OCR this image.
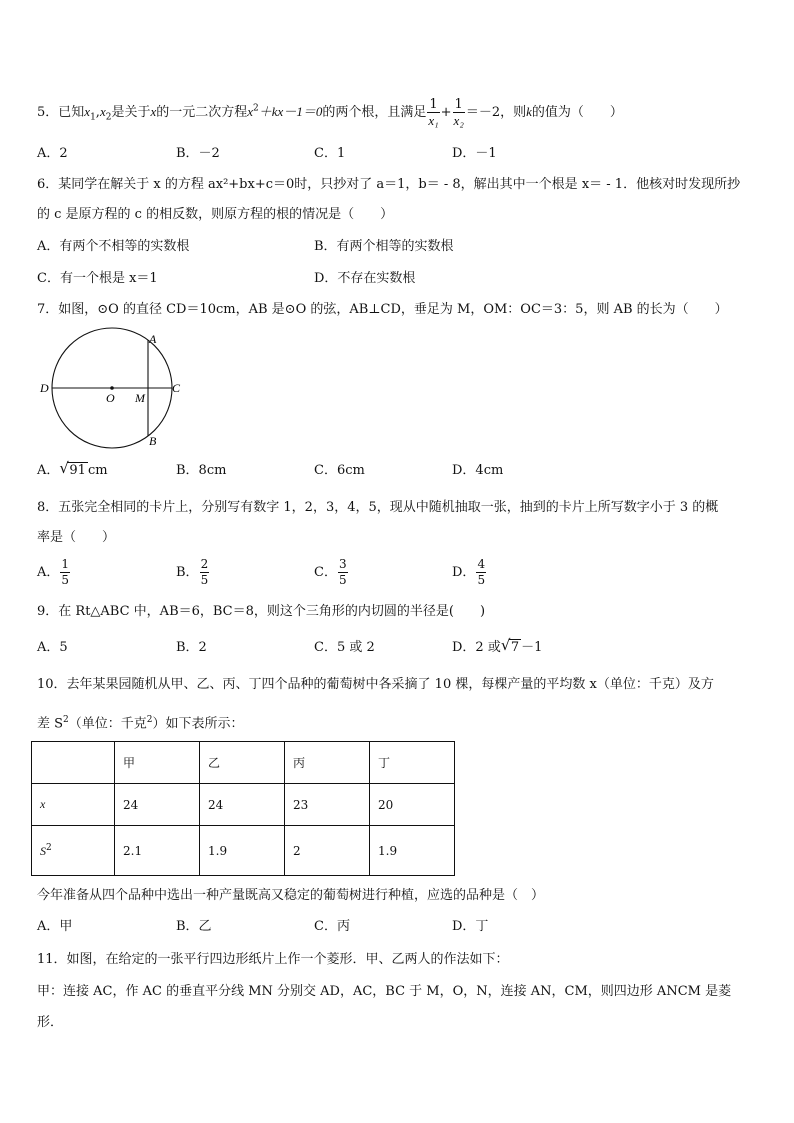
5．已知$x_1,x_2$是关于x的一元二次方程$x^2+kx-1=0$的两个根，且满足 $\frac{1}{\text{x₁}} + \frac{1}{\text{x₂}} =-2$，则k的值为（　　）
A．2	B．－2	C．1	D．－1
6．某同学在解关于 x 的方程 ax²+bx+c＝0时，只抄对了 a＝1，b＝ - 8，解出其中一个根是 x＝ - 1．他核对时发现所抄
的 c 是原方程的 c 的相反数，则原方程的根的情况是（　　）
A．有两个不相等的实数根	B．有两个相等的实数根
C．有一个根是 x＝1	D．不存在实数根
7．如图，⊙O 的直径 CD＝10cm，AB 是⊙O 的弦，AB⊥CD，垂足为 M，OM：OC＝3：5，则 AB 的长为（　　）
A
B
C
D
O M
A． √ 91 cm	B．8cm	C．6cm	D．4cm
8．五张完全相同的卡片上，分别写有数字 1，2，3，4，5，现从中随机抽取一张，抽到的卡片上所写数字小于 3 的概
率是（　　）
A． $\frac{1}{5}$	B． $\frac{2}{5}$	C． $\frac{3}{5}$	D． $\frac{4}{5}$
9．在 Rt△ABC 中，AB＝6，BC＝8，则这个三角形的内切圆的半径是(　　)
A．5	B．2	C．5 或 2	D．2 或 √ 7 －1
10．去年某果园随机从甲、乙、丙、丁四个品种的葡萄树中各采摘了 10 棵，每棵产量的平均数 x（单位：千克）及方
差 $S^2$（单位：千克$^2$）如下表所示：
	甲	乙	丙	丁
x	24	24	23	20
$S^2$	2.1	1.9	2	1.9
今年准备从四个品种中选出一种产量既高又稳定的葡萄树进行种植，应选的品种是（　）
A．甲	B．乙	C．丙	D．丁
11．如图，在给定的一张平行四边形纸片上作一个菱形．甲、乙两人的作法如下：
甲：连接 AC，作 AC 的垂直平分线 MN 分别交 AD，AC，BC 于 M，O，N，连接 AN，CM，则四边形 ANCM 是菱
形．
